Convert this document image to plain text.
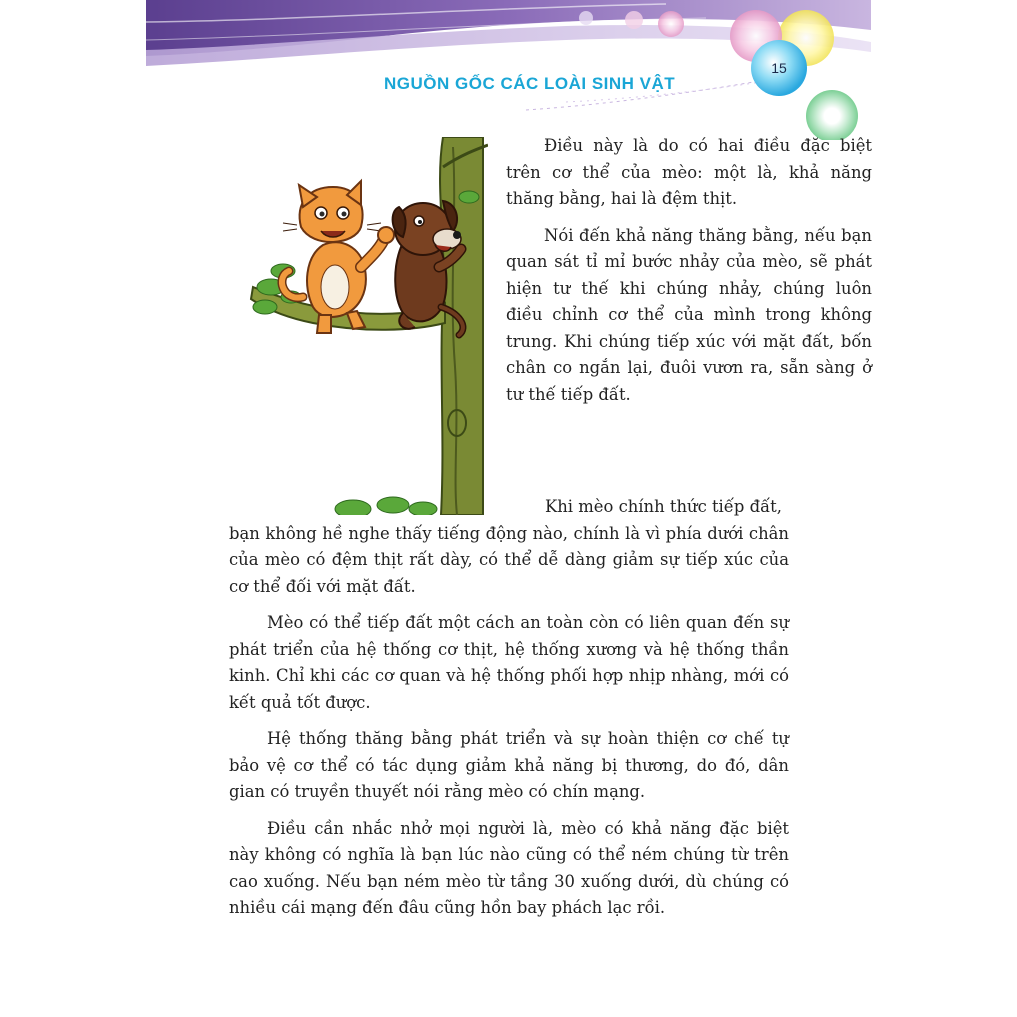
NGUỒN GỐC CÁC LOÀI SINH VẬT
15

Điều này là do có hai điều đặc biệt trên cơ thể của mèo: một là, khả năng thăng bằng, hai là đệm thịt.

Nói đến khả năng thăng bằng, nếu bạn quan sát tỉ mỉ bước nhảy của mèo, sẽ phát hiện tư thế khi chúng nhảy, chúng luôn điều chỉnh cơ thể của mình trong không trung. Khi chúng tiếp xúc với mặt đất, bốn chân co ngắn lại, đuôi vươn ra, sẵn sàng ở tư thế tiếp đất.

Khi mèo chính thức tiếp đất,
bạn không hề nghe thấy tiếng động nào, chính là vì phía dưới chân của mèo có đệm thịt rất dày, có thể dễ dàng giảm sự tiếp xúc của cơ thể đối với mặt đất.

Mèo có thể tiếp đất một cách an toàn còn có liên quan đến sự phát triển của hệ thống cơ thịt, hệ thống xương và hệ thống thần kinh. Chỉ khi các cơ quan và hệ thống phối hợp nhịp nhàng, mới có kết quả tốt được.

Hệ thống thăng bằng phát triển và sự hoàn thiện cơ chế tự bảo vệ cơ thể có tác dụng giảm khả năng bị thương, do đó, dân gian có truyền thuyết nói rằng mèo có chín mạng.

Điều cần nhắc nhở mọi người là, mèo có khả năng đặc biệt này không có nghĩa là bạn lúc nào cũng có thể ném chúng từ trên cao xuống. Nếu bạn ném mèo từ tầng 30 xuống dưới, dù chúng có nhiều cái mạng đến đâu cũng hồn bay phách lạc rồi.
